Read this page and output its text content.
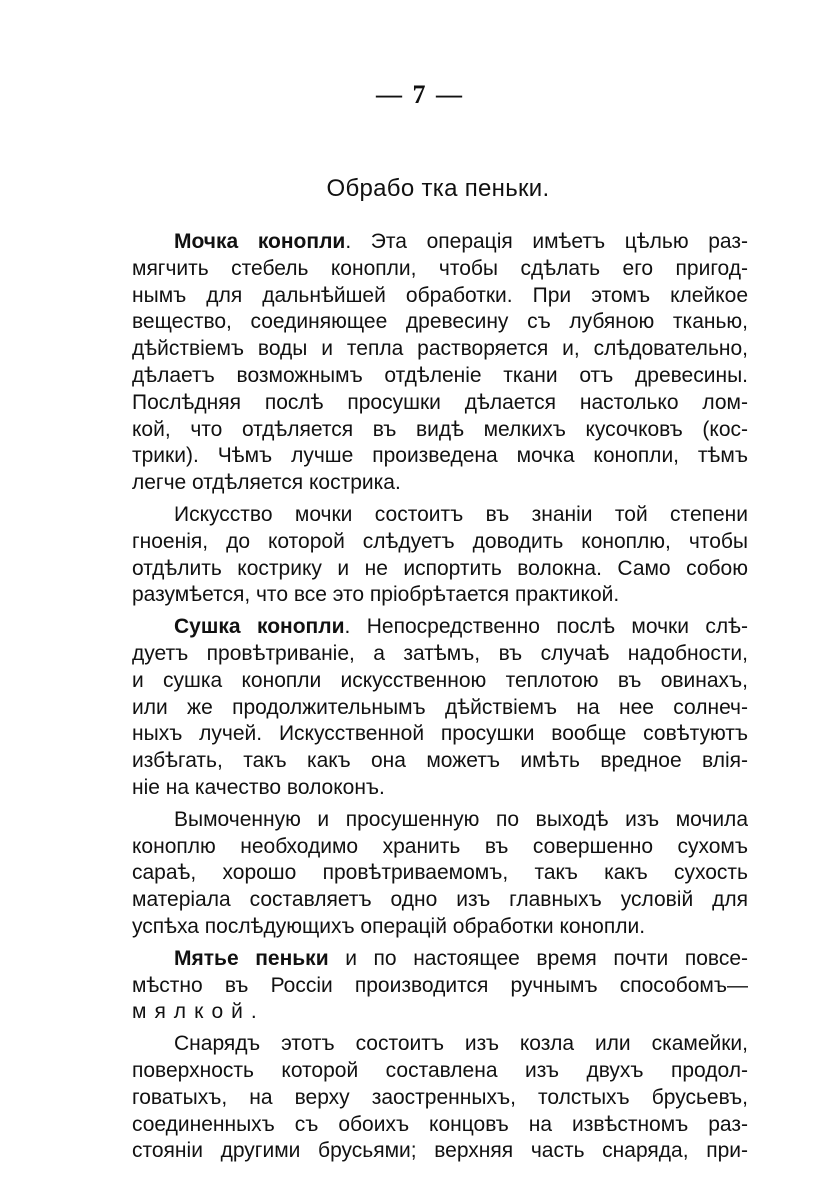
— 7 —
Обрабо тка пеньки.

Мочка конопли. Эта операція имѣетъ цѣлью раз-
мягчить стебель конопли, чтобы сдѣлать его пригод-
нымъ для дальнѣйшей обработки. При этомъ клейкое
вещество, соединяющее древесину съ лубяною тканью,
дѣйствіемъ воды и тепла растворяется и, слѣдовательно,
дѣлаетъ возможнымъ отдѣленіе ткани отъ древесины.
Послѣдняя послѣ просушки дѣлается настолько лом-
кой, что отдѣляется въ видѣ мелкихъ кусочковъ (кос-
трики). Чѣмъ лучше произведена мочка конопли, тѣмъ
легче отдѣляется кострика.

Искусство мочки состоитъ въ знаніи той степени
гноенія, до которой слѣдуетъ доводить коноплю, чтобы
отдѣлить кострику и не испортить волокна. Само собою
разумѣется, что все это пріобрѣтается практикой.

Сушка конопли. Непосредственно послѣ мочки слѣ-
дуетъ провѣтриваніе, а затѣмъ, въ случаѣ надобности,
и сушка конопли искусственною теплотою въ овинахъ,
или же продолжительнымъ дѣйствіемъ на нее солнеч-
ныхъ лучей. Искусственной просушки вообще совѣтуютъ
избѣгать, такъ какъ она можетъ имѣть вредное влія-
ніе на качество волоконъ.

Вымоченную и просушенную по выходѣ изъ мочила
коноплю необходимо хранить въ совершенно сухомъ
сараѣ, хорошо провѣтриваемомъ, такъ какъ сухость
матеріала составляетъ одно изъ главныхъ условій для
успѣха послѣдующихъ операцій обработки конопли.

Мятье пеньки и по настоящее время почти повсе-
мѣстно въ Россіи производится ручнымъ способомъ—
мялкой.

Снарядъ этотъ состоитъ изъ козла или скамейки,
поверхность которой составлена изъ двухъ продол-
говатыхъ, на верху заостренныхъ, толстыхъ брусьевъ,
соединенныхъ съ обоихъ концовъ на извѣстномъ раз-
стояніи другими брусьями; верхняя часть снаряда, при-
